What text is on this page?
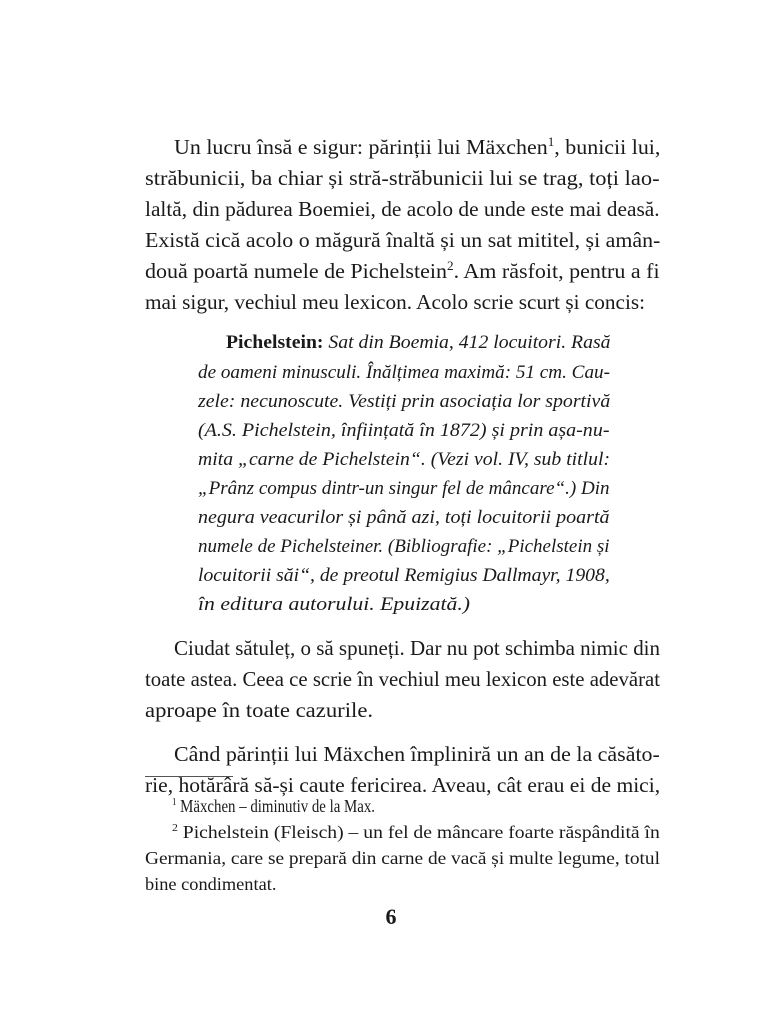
Un lucru însă e sigur: părinții lui Mäxchen$^1$, bunicii lui,
străbunicii, ba chiar și stră-străbunicii lui se trag, toți lao-
laltă, din pădurea Boemiei, de acolo de unde este mai deasă.
Există cică acolo o măgură înaltă și un sat mititel, și amân-
două poartă numele de Pichelstein$^2$. Am răsfoit, pentru a fi
mai sigur, vechiul meu lexicon. Acolo scrie scurt și concis:
Pichelstein: Sat din Boemia, 412 locuitori. Rasă
de oameni minusculi. Înălțimea maximă: 51 cm. Cau-
zele: necunoscute. Vestiți prin asociația lor sportivă
(A.S. Pichelstein, înființată în 1872) și prin așa-nu-
mita „carne de Pichelstein“. (Vezi vol. IV, sub titlul:
„Prânz compus dintr-un singur fel de mâncare“.) Din
negura veacurilor și până azi, toți locuitorii poartă
numele de Pichelsteiner. (Bibliografie: „Pichelstein și
locuitorii săi“, de preotul Remigius Dallmayr, 1908,
în editura autorului. Epuizată.)
Ciudat sătuleț, o să spuneți. Dar nu pot schimba nimic din
toate astea. Ceea ce scrie în vechiul meu lexicon este adevărat
aproape în toate cazurile.
Când părinții lui Mäxchen împliniră un an de la căsăto-
rie, hotărâră să-și caute fericirea. Aveau, cât erau ei de mici,
$^1$ Mäxchen – diminutiv de la Max.
$^2$ Pichelstein (Fleisch) – un fel de mâncare foarte răspândită în
Germania, care se prepară din carne de vacă și multe legume, totul
bine condimentat.
6
